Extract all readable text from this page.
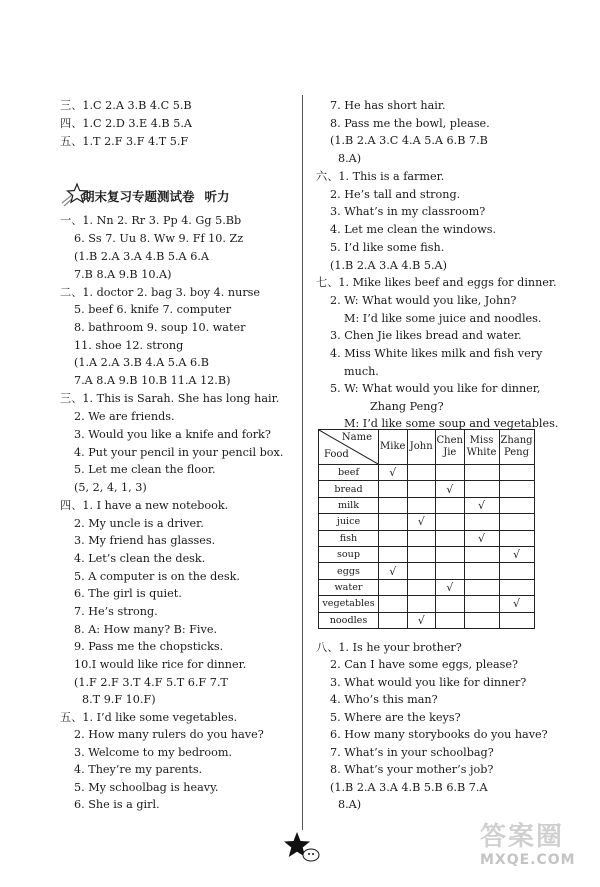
三、1.C 2.A 3.B 4.C 5.B
四、1.C 2.D 3.E 4.B 5.A
五、1.T 2.F 3.F 4.T 5.F
期末复习专题测试卷 听力
一、1. Nn 2. Rr 3. Pp 4. Gg 5.Bb
6. Ss 7. Uu 8. Ww 9. Ff 10. Zz
(1.B 2.A 3.A 4.B 5.A 6.A
7.B 8.A 9.B 10.A)
二、1. doctor 2. bag 3. boy 4. nurse
5. beef 6. knife 7. computer
8. bathroom 9. soup 10. water
11. shoe 12. strong
(1.A 2.A 3.B 4.A 5.A 6.B
7.A 8.A 9.B 10.B 11.A 12.B)
三、1. This is Sarah. She has long hair.
2. We are friends.
3. Would you like a knife and fork?
4. Put your pencil in your pencil box.
5. Let me clean the floor.
(5, 2, 4, 1, 3)
四、1. I have a new notebook.
2. My uncle is a driver.
3. My friend has glasses.
4. Let’s clean the desk.
5. A computer is on the desk.
6. The girl is quiet.
7. He’s strong.
8. A: How many? B: Five.
9. Pass me the chopsticks.
10.I would like rice for dinner.
(1.F 2.F 3.T 4.F 5.T 6.F 7.T
8.T 9.F 10.F)
五、1. I’d like some vegetables.
2. How many rulers do you have?
3. Welcome to my bedroom.
4. They’re my parents.
5. My schoolbag is heavy.
6. She is a girl.
7. He has short hair.
8. Pass me the bowl, please.
(1.B 2.A 3.C 4.A 5.A 6.B 7.B
8.A)
六、1. This is a farmer.
2. He’s tall and strong.
3. What’s in my classroom?
4. Let me clean the windows.
5. I’d like some fish.
(1.B 2.A 3.A 4.B 5.A)
七、1. Mike likes beef and eggs for dinner.
2. W: What would you like, John?
M: I’d like some juice and noodles.
3. Chen Jie likes bread and water.
4. Miss White likes milk and fish very
much.
5. W: What would you like for dinner,
Zhang Peng?
M: I’d like some soup and vegetables.
Name
Food	Mike	John	Chen Jie	Miss White	Zhang Peng
beef	√				
bread			√		
milk				√	
juice		√			
fish				√	
soup					√
eggs	√				
water			√		
vegetables					√
noodles		√			
八、1. Is he your brother?
2. Can I have some eggs, please?
3. What would you like for dinner?
4. Who’s this man?
5. Where are the keys?
6. How many storybooks do you have?
7. What’s in your schoolbag?
8. What’s your mother’s job?
(1.B 2.A 3.A 4.B 5.B 6.B 7.A
8.A)
答案圈
MXQE.COM
